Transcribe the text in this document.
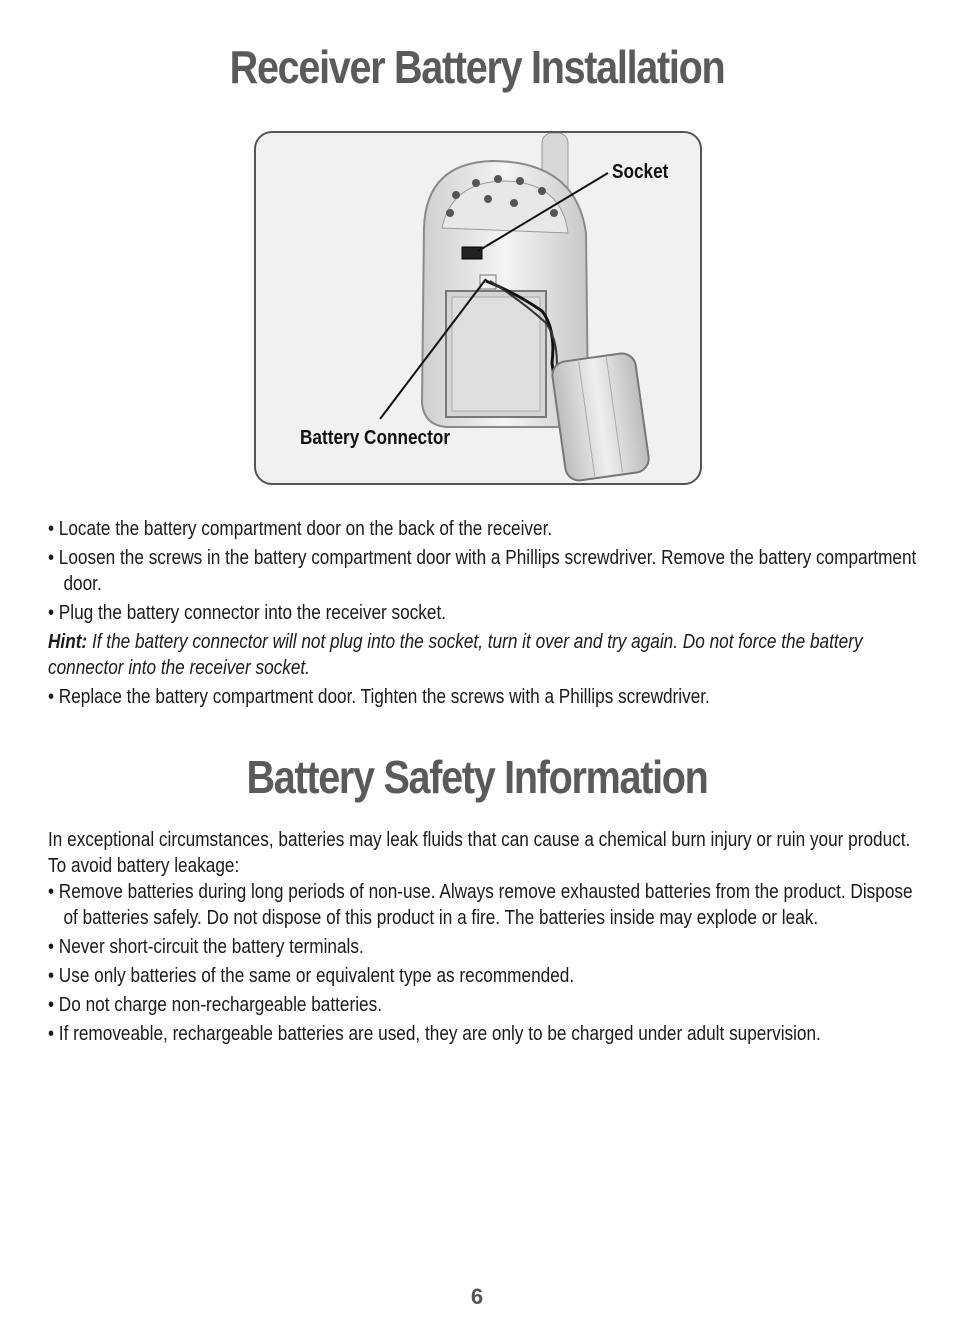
Receiver Battery Installation
Socket
Battery Connector

• Locate the battery compartment door on the back of the receiver.

• Loosen the screws in the battery compartment door with a Phillips screwdriver. Remove the battery compartment door.

• Plug the battery connector into the receiver socket.

Hint: If the battery connector will not plug into the socket, turn it over and try again. Do not force the battery connector into the receiver socket.

• Replace the battery compartment door. Tighten the screws with a Phillips screwdriver.

Battery Safety Information

In exceptional circumstances, batteries may leak fluids that can cause a chemical burn injury or ruin your product. To avoid battery leakage:

• Remove batteries during long periods of non-use. Always remove exhausted batteries from the product. Dispose of batteries safely. Do not dispose of this product in a fire. The batteries inside may explode or leak.

• Never short-circuit the battery terminals.

• Use only batteries of the same or equivalent type as recommended.

• Do not charge non-rechargeable batteries.

• If removeable, rechargeable batteries are used, they are only to be charged under adult supervision.

6
